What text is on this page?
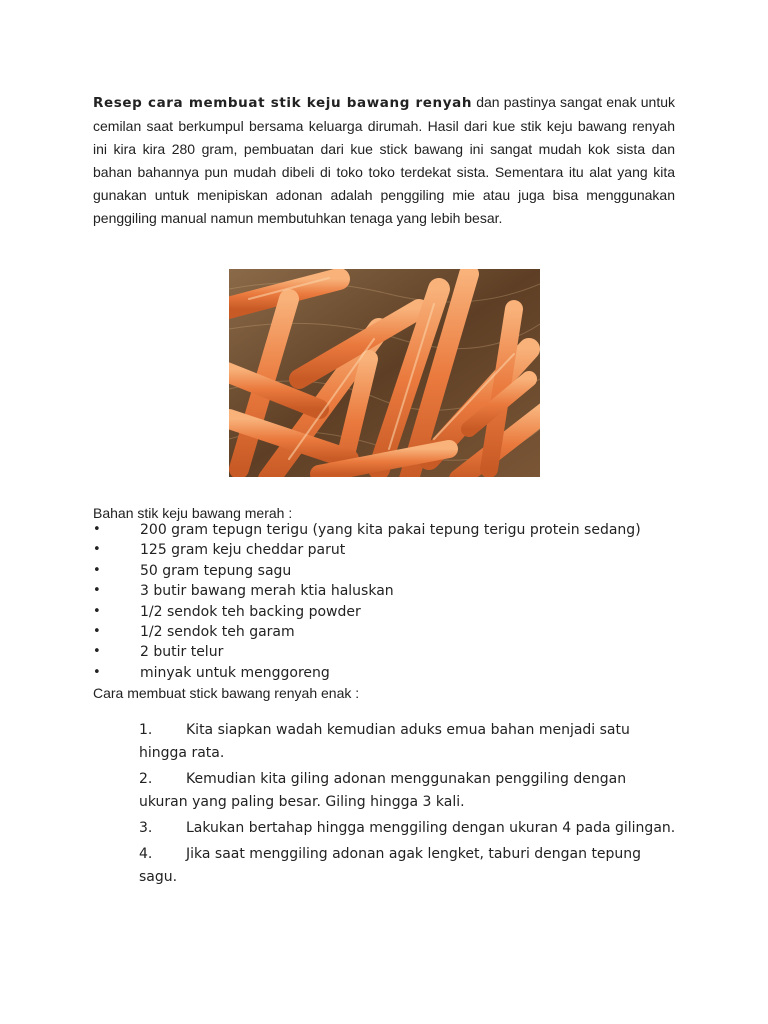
Resep cara membuat stik keju bawang renyah dan pastinya sangat enak untuk cemilan saat berkumpul bersama keluarga dirumah. Hasil dari kue stik keju bawang renyah ini kira kira 280 gram, pembuatan dari kue stick bawang ini sangat mudah kok sista dan bahan bahannya pun mudah dibeli di toko toko terdekat sista. Sementara itu alat yang kita gunakan untuk menipiskan adonan adalah penggiling mie atau juga bisa menggunakan penggiling manual namun membutuhkan tenaga yang lebih besar.

Bahan stik keju bawang merah :

•	200 gram tepugn terigu (yang kita pakai tepung terigu protein sedang)
•	125 gram keju cheddar parut
•	50 gram tepung sagu
•	3 butir bawang merah ktia haluskan
•	1/2 sendok teh backing powder
•	1/2 sendok teh garam
•	2 butir telur
•	minyak untuk menggoreng

Cara membuat stick bawang renyah enak :

1. Kita siapkan wadah kemudian aduks emua bahan menjadi satu hingga rata.
2. Kemudian kita giling adonan menggunakan penggiling dengan ukuran yang paling besar. Giling hingga 3 kali.
3. Lakukan bertahap hingga menggiling dengan ukuran 4 pada gilingan.
4. Jika saat menggiling adonan agak lengket, taburi dengan tepung sagu.
